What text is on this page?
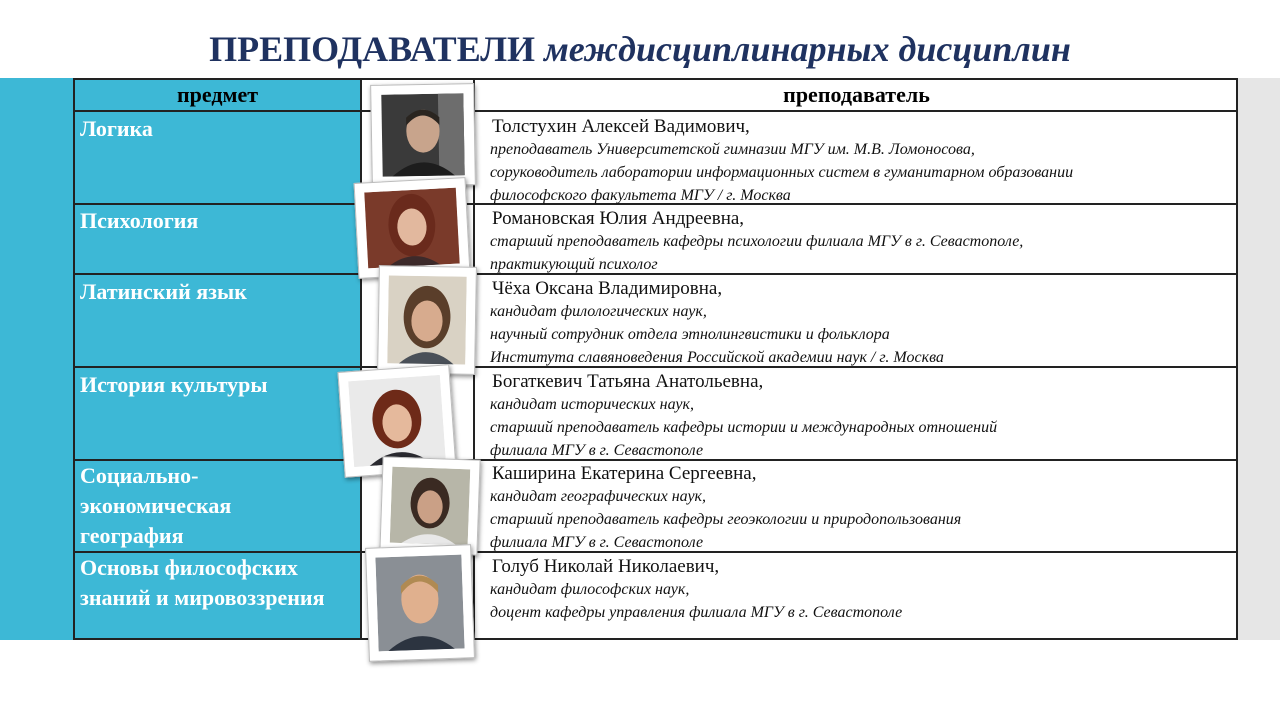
ПРЕПОДАВАТЕЛИ междисциплинарных дисциплин
предмет	преподаватель
Логика
Психология
Латинский язык
История культуры
Социально-
экономическая
география
Основы философских
знаний и мировоззрения
Толстухин Алексей Вадимович,
преподаватель Университетской гимназии МГУ им. М.В. Ломоносова,
соруководитель лаборатории информационных систем в гуманитарном образовании
философского факультета МГУ / г. Москва
Романовская Юлия Андреевна,
старший преподаватель кафедры психологии филиала МГУ в г. Севастополе,
практикующий психолог
Чёха Оксана Владимировна,
кандидат филологических наук,
научный сотрудник отдела этнолингвистики и фольклора
Института славяноведения Российской академии наук / г. Москва
Богаткевич Татьяна Анатольевна,
кандидат исторических наук,
старший преподаватель кафедры истории и международных отношений
филиала МГУ в г. Севастополе
Каширина Екатерина Сергеевна,
кандидат географических наук,
старший преподаватель кафедры геоэкологии и природопользования
филиала МГУ в г. Севастополе
Голуб Николай Николаевич,
кандидат философских наук,
доцент кафедры управления филиала МГУ в г. Севастополе
